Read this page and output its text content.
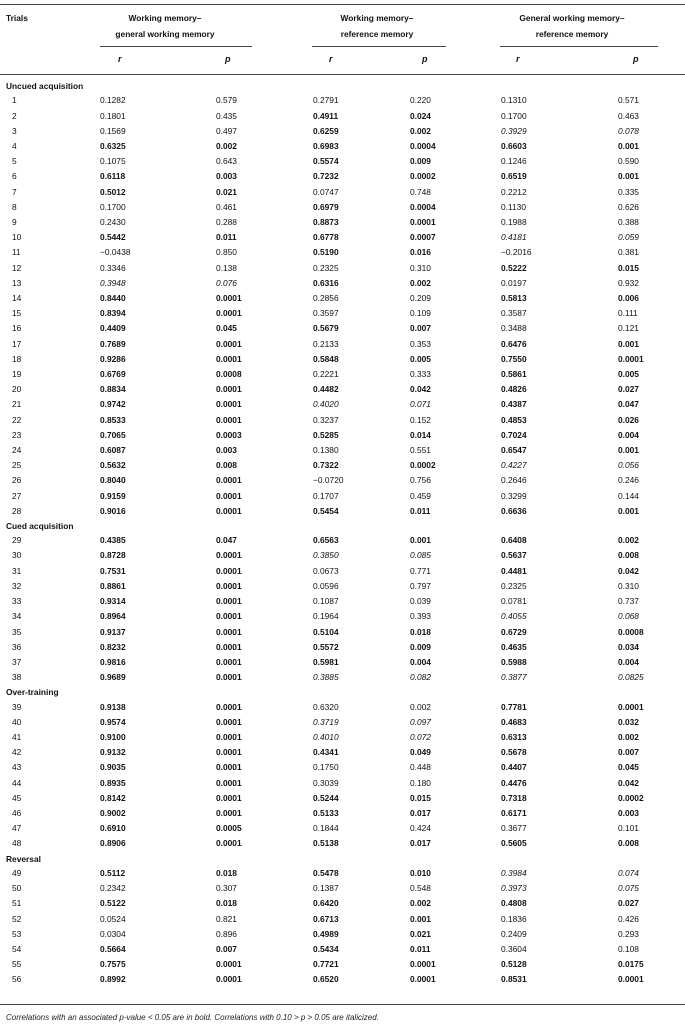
Trials	Working memory–
general working memory
Working memory–
reference memory
General working memory–
reference memory
r	p	r	p	r	p
Uncued acquisition						
1	0.1282	0.579	0.2791	0.220	0.1310	0.571
2	0.1801	0.435	0.4911	0.024	0.1700	0.463
3	0.1569	0.497	0.6259	0.002	0.3929	0.078
4	0.6325	0.002	0.6983	0.0004	0.6603	0.001
5	0.1075	0.643	0.5574	0.009	0.1246	0.590
6	0.6118	0.003	0.7232	0.0002	0.6519	0.001
7	0.5012	0.021	0.0747	0.748	0.2212	0.335
8	0.1700	0.461	0.6979	0.0004	0.1130	0.626
9	0.2430	0.288	0.8873	0.0001	0.1988	0.388
10	0.5442	0.011	0.6778	0.0007	0.4181	0.059
11	−0.0438	0.850	0.5190	0.016	−0.2016	0.381
12	0.3346	0.138	0.2325	0.310	0.5222	0.015
13	0.3948	0.076	0.6316	0.002	0.0197	0.932
14	0.8440	0.0001	0.2856	0.209	0.5813	0.006
15	0.8394	0.0001	0.3597	0.109	0.3587	0.111
16	0.4409	0.045	0.5679	0.007	0.3488	0.121
17	0.7689	0.0001	0.2133	0.353	0.6476	0.001
18	0.9286	0.0001	0.5848	0.005	0.7550	0.0001
19	0.6769	0.0008	0.2221	0.333	0.5861	0.005
20	0.8834	0.0001	0.4482	0.042	0.4826	0.027
21	0.9742	0.0001	0.4020	0.071	0.4387	0.047
22	0.8533	0.0001	0.3237	0.152	0.4853	0.026
23	0.7065	0.0003	0.5285	0.014	0.7024	0.004
24	0.6087	0.003	0.1380	0.551	0.6547	0.001
25	0.5632	0.008	0.7322	0.0002	0.4227	0.056
26	0.8040	0.0001	−0.0720	0.756	0.2646	0.246
27	0.9159	0.0001	0.1707	0.459	0.3299	0.144
28	0.9016	0.0001	0.5454	0.011	0.6636	0.001
Cued acquisition						
29	0.4385	0.047	0.6563	0.001	0.6408	0.002
30	0.8728	0.0001	0.3850	0.085	0.5637	0.008
31	0.7531	0.0001	0.0673	0.771	0.4481	0.042
32	0.8861	0.0001	0.0596	0.797	0.2325	0.310
33	0.9314	0.0001	0.1087	0.039	0.0781	0.737
34	0.8964	0.0001	0.1964	0.393	0.4055	0.068
35	0.9137	0.0001	0.5104	0.018	0.6729	0.0008
36	0.8232	0.0001	0.5572	0.009	0.4635	0.034
37	0.9816	0.0001	0.5981	0.004	0.5988	0.004
38	0.9689	0.0001	0.3885	0.082	0.3877	0.0825
Over-training						
39	0.9138	0.0001	0.6320	0.002	0.7781	0.0001
40	0.9574	0.0001	0.3719	0.097	0.4683	0.032
41	0.9100	0.0001	0.4010	0.072	0.6313	0.002
42	0.9132	0.0001	0.4341	0.049	0.5678	0.007
43	0.9035	0.0001	0.1750	0.448	0.4407	0.045
44	0.8935	0.0001	0.3039	0.180	0.4476	0.042
45	0.8142	0.0001	0.5244	0.015	0.7318	0.0002
46	0.9002	0.0001	0.5133	0.017	0.6171	0.003
47	0.6910	0.0005	0.1844	0.424	0.3677	0.101
48	0.8906	0.0001	0.5138	0.017	0.5605	0.008
Reversal						
49	0.5112	0.018	0.5478	0.010	0.3984	0.074
50	0.2342	0.307	0.1387	0.548	0.3973	0.075
51	0.5122	0.018	0.6420	0.002	0.4808	0.027
52	0.0524	0.821	0.6713	0.001	0.1836	0.426
53	0.0304	0.896	0.4989	0.021	0.2409	0.293
54	0.5664	0.007	0.5434	0.011	0.3604	0.108
55	0.7575	0.0001	0.7721	0.0001	0.5128	0.0175
56	0.8992	0.0001	0.6520	0.0001	0.8531	0.0001
Correlations with an associated p-value < 0.05 are in bold. Correlations with 0.10 > p > 0.05 are italicized.
